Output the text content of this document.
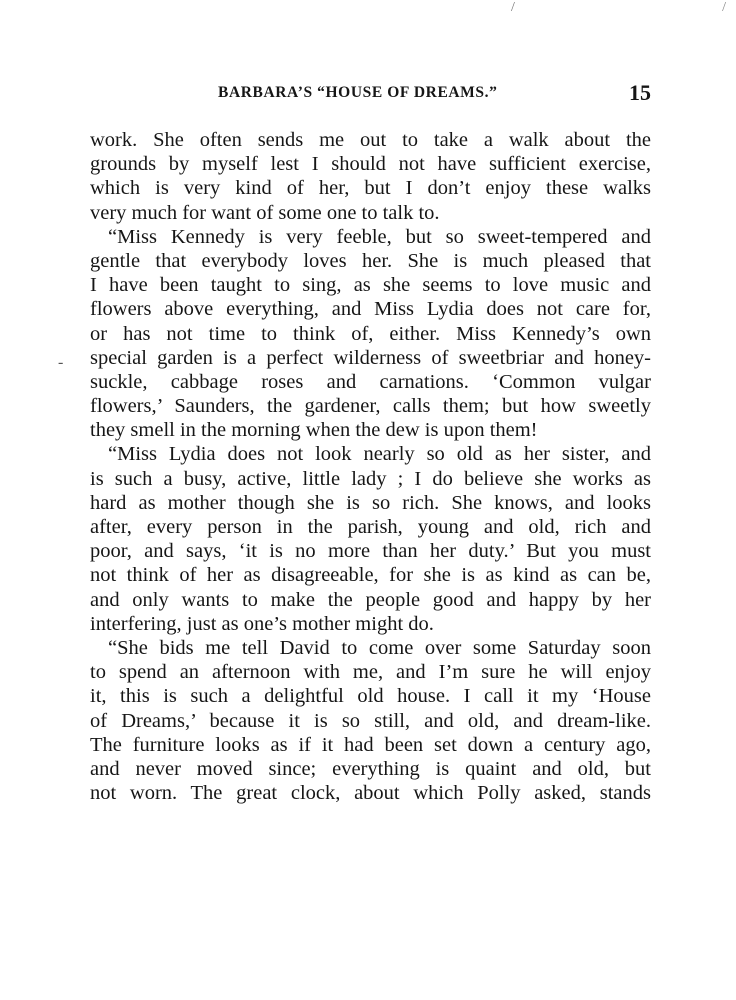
/	/
BARBARA’S “HOUSE OF DREAMS.”	15
-
work. She often sends me out to take a walk about the
grounds by myself lest I should not have sufficient exercise,
which is very kind of her, but I don’t enjoy these walks
very much for want of some one to talk to.
“Miss Kennedy is very feeble, but so sweet-tempered and
gentle that everybody loves her. She is much pleased that
I have been taught to sing, as she seems to love music and
flowers above everything, and Miss Lydia does not care for,
or has not time to think of, either. Miss Kennedy’s own
special garden is a perfect wilderness of sweetbriar and honey-
suckle, cabbage roses and carnations. ‘Common vulgar
flowers,’ Saunders, the gardener, calls them; but how sweetly
they smell in the morning when the dew is upon them!
“Miss Lydia does not look nearly so old as her sister, and
is such a busy, active, little lady ; I do believe she works as
hard as mother though she is so rich. She knows, and looks
after, every person in the parish, young and old, rich and
poor, and says, ‘it is no more than her duty.’ But you must
not think of her as disagreeable, for she is as kind as can be,
and only wants to make the people good and happy by her
interfering, just as one’s mother might do.
“She bids me tell David to come over some Saturday soon
to spend an afternoon with me, and I’m sure he will enjoy
it, this is such a delightful old house. I call it my ‘House
of Dreams,’ because it is so still, and old, and dream-like.
The furniture looks as if it had been set down a century ago,
and never moved since; everything is quaint and old, but
not worn. The great clock, about which Polly asked, stands
